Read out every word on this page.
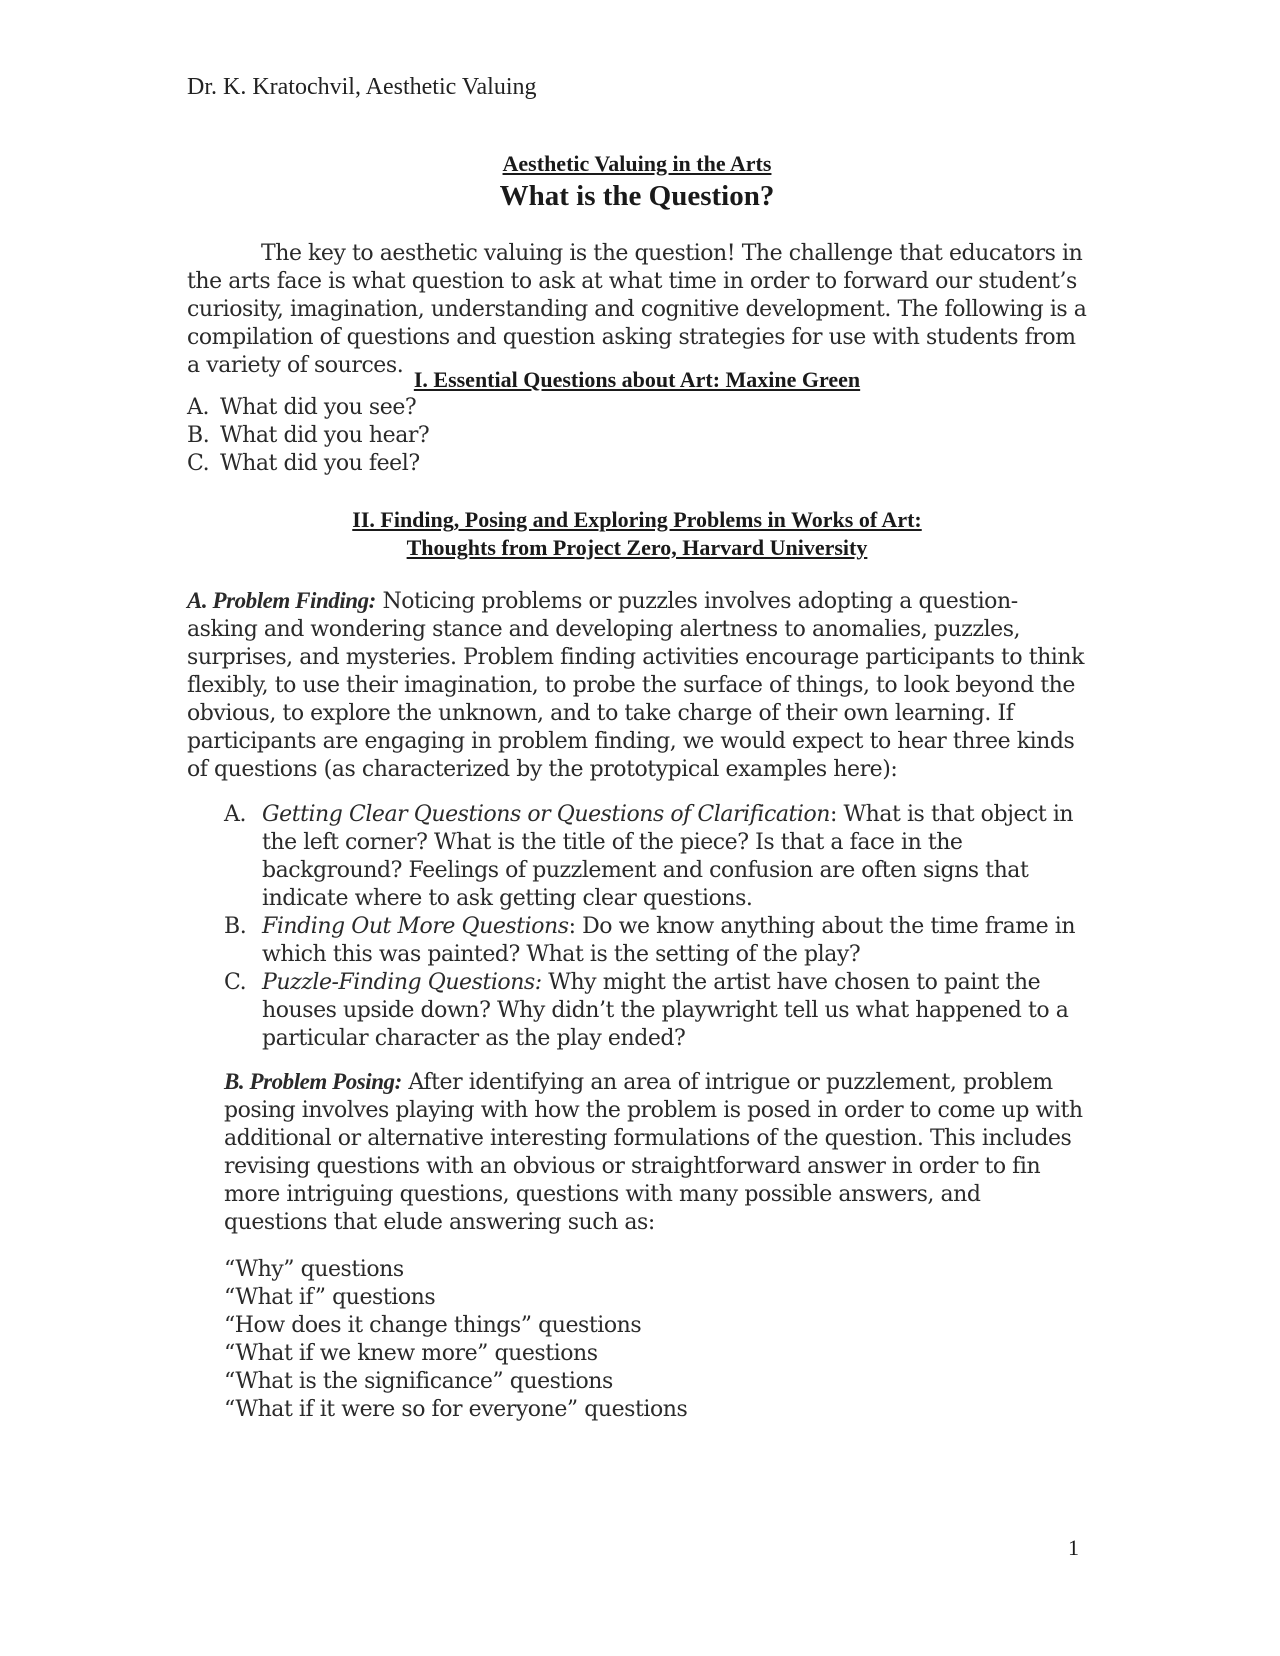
Dr. K. Kratochvil, Aesthetic Valuing
Aesthetic Valuing in the Arts
What is the Question?
The key to aesthetic valuing is the question! The challenge that educators in the arts face is what question to ask at what time in order to forward our student’s curiosity, imagination, understanding and cognitive development. The following is a compilation of questions and question asking strategies for use with students from a variety of sources.
I. Essential Questions about Art: Maxine Green
A. What did you see?
B. What did you hear?
C. What did you feel?
II. Finding, Posing and Exploring Problems in Works of Art:
Thoughts from Project Zero, Harvard University
A. Problem Finding: Noticing problems or puzzles involves adopting a question-asking and wondering stance and developing alertness to anomalies, puzzles, surprises, and mysteries. Problem finding activities encourage participants to think flexibly, to use their imagination, to probe the surface of things, to look beyond the obvious, to explore the unknown, and to take charge of their own learning. If participants are engaging in problem finding, we would expect to hear three kinds of questions (as characterized by the prototypical examples here):
A. Getting Clear Questions or Questions of Clarification: What is that object in the left corner? What is the title of the piece? Is that a face in the background? Feelings of puzzlement and confusion are often signs that indicate where to ask getting clear questions.
B. Finding Out More Questions: Do we know anything about the time frame in which this was painted? What is the setting of the play?
C. Puzzle-Finding Questions: Why might the artist have chosen to paint the houses upside down? Why didn’t the playwright tell us what happened to a particular character as the play ended?
B. Problem Posing: After identifying an area of intrigue or puzzlement, problem posing involves playing with how the problem is posed in order to come up with additional or alternative interesting formulations of the question. This includes revising questions with an obvious or straightforward answer in order to fin more intriguing questions, questions with many possible answers, and questions that elude answering such as:
“Why” questions
“What if” questions
“How does it change things” questions
“What if we knew more” questions
“What is the significance” questions
“What if it were so for everyone” questions
1
